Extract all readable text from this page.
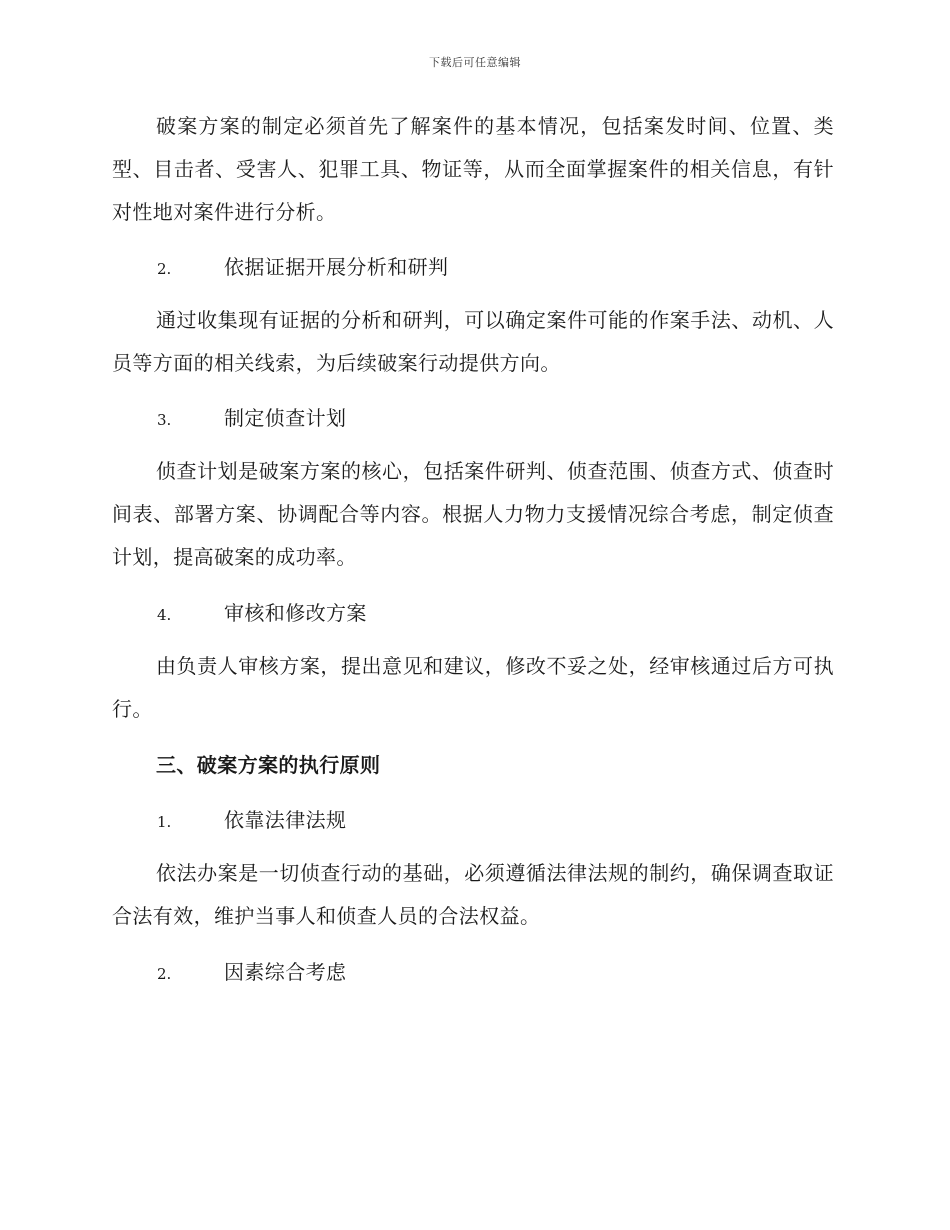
下载后可任意编辑

破案方案的制定必须首先了解案件的基本情况，包括案发时间、位置、类型、目击者、受害人、犯罪工具、物证等，从而全面掌握案件的相关信息，有针对性地对案件进行分析。

2.	依据证据开展分析和研判

通过收集现有证据的分析和研判，可以确定案件可能的作案手法、动机、人员等方面的相关线索，为后续破案行动提供方向。

3.	制定侦查计划

侦查计划是破案方案的核心，包括案件研判、侦查范围、侦查方式、侦查时间表、部署方案、协调配合等内容。根据人力物力支援情况综合考虑，制定侦查计划，提高破案的成功率。

4.	审核和修改方案

由负责人审核方案，提出意见和建议，修改不妥之处，经审核通过后方可执行。

三、破案方案的执行原则
1.	依靠法律法规

依法办案是一切侦查行动的基础，必须遵循法律法规的制约，确保调查取证合法有效，维护当事人和侦查人员的合法权益。

2.	因素综合考虑
